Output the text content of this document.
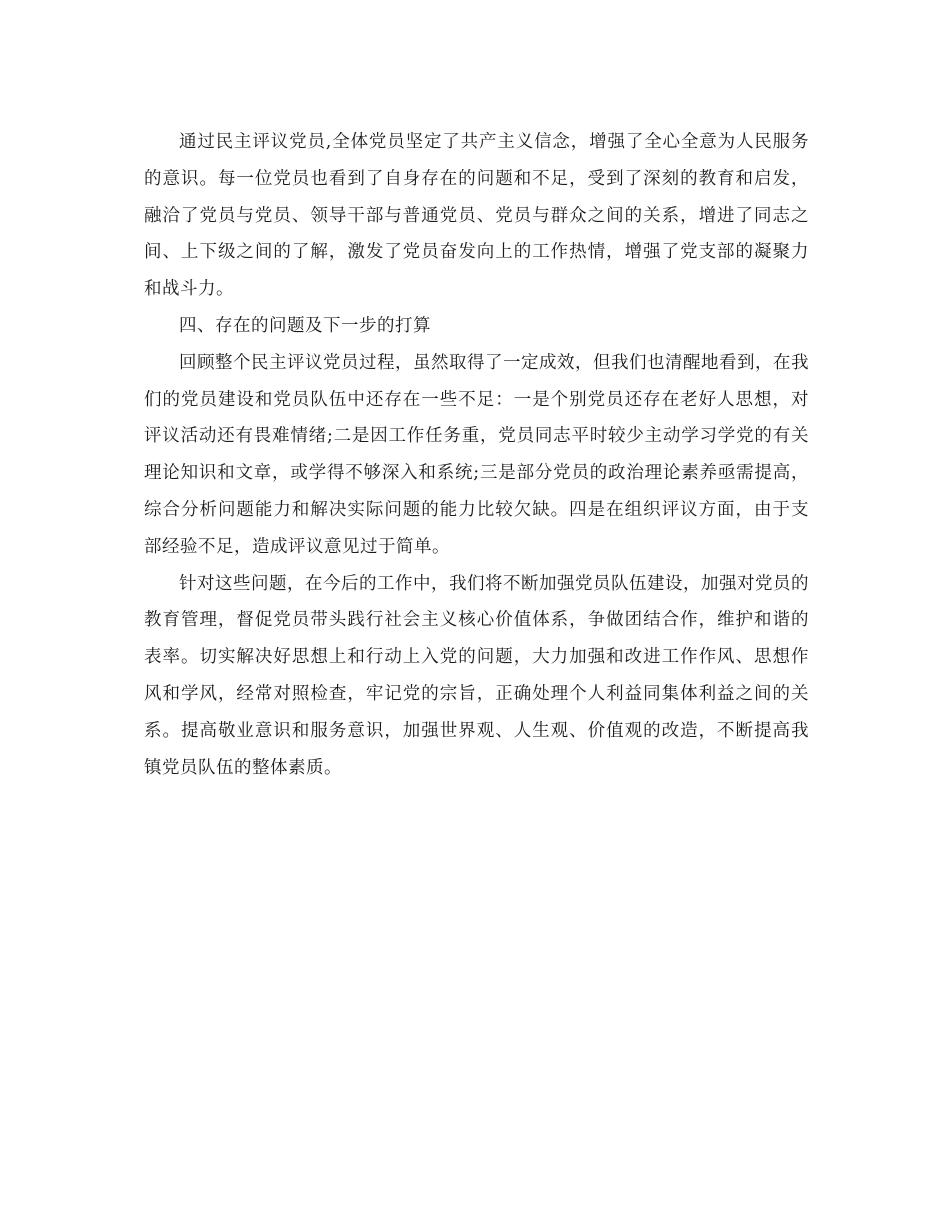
通过民主评议党员,全体党员坚定了共产主义信念，增强了全心全意为人民服务的意识。每一位党员也看到了自身存在的问题和不足，受到了深刻的教育和启发，融洽了党员与党员、领导干部与普通党员、党员与群众之间的关系，增进了同志之间、上下级之间的了解，激发了党员奋发向上的工作热情，增强了党支部的凝聚力和战斗力。

四、存在的问题及下一步的打算

回顾整个民主评议党员过程，虽然取得了一定成效，但我们也清醒地看到，在我们的党员建设和党员队伍中还存在一些不足：一是个别党员还存在老好人思想，对评议活动还有畏难情绪;二是因工作任务重，党员同志平时较少主动学习学党的有关理论知识和文章，或学得不够深入和系统;三是部分党员的政治理论素养亟需提高，综合分析问题能力和解决实际问题的能力比较欠缺。四是在组织评议方面，由于支部经验不足，造成评议意见过于简单。

针对这些问题，在今后的工作中，我们将不断加强党员队伍建设，加强对党员的教育管理，督促党员带头践行社会主义核心价值体系，争做团结合作，维护和谐的表率。切实解决好思想上和行动上入党的问题，大力加强和改进工作作风、思想作风和学风，经常对照检查，牢记党的宗旨，正确处理个人利益同集体利益之间的关系。提高敬业意识和服务意识，加强世界观、人生观、价值观的改造，不断提高我镇党员队伍的整体素质。
